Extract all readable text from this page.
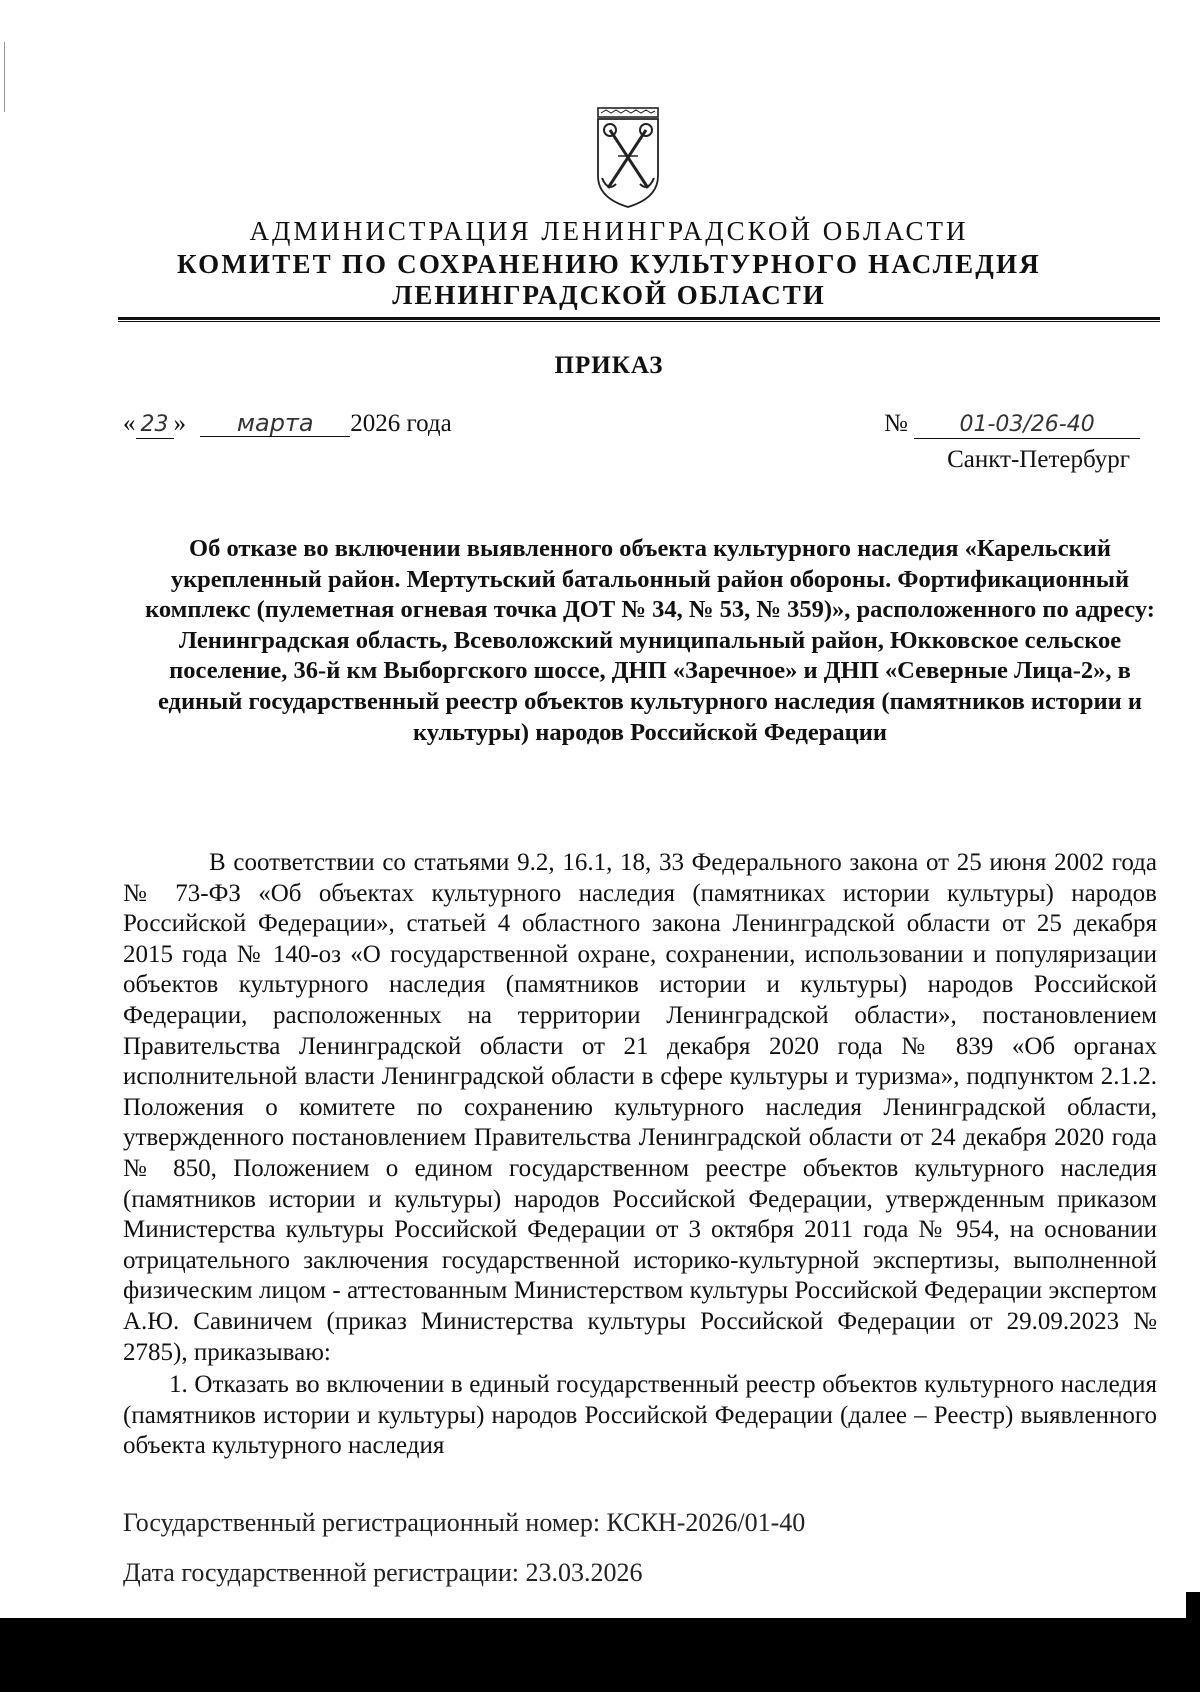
АДМИНИСТРАЦИЯ ЛЕНИНГРАДСКОЙ ОБЛАСТИ
КОМИТЕТ ПО СОХРАНЕНИЮ КУЛЬТУРНОГО НАСЛЕДИЯ
ЛЕНИНГРАДСКОЙ ОБЛАСТИ
ПРИКАЗ
« 23 » марта 2026 года	№ 01-03/26-40
Санкт-Петербург
Об отказе во включении выявленного объекта культурного наследия «Карельский укрепленный район. Мертутьский батальонный район обороны. Фортификационный комплекс (пулеметная огневая точка ДОТ № 34, № 53, № 359)», расположенного по адресу: Ленинградская область, Всеволожский муниципальный район, Юкковское сельское поселение, 36-й км Выборгского шоссе, ДНП «Заречное» и ДНП «Северные Лица-2», в единый государственный реестр объектов культурного наследия (памятников истории и культуры) народов Российской Федерации

В соответствии со статьями 9.2, 16.1, 18, 33 Федерального закона от 25 июня 2002 года № 73-ФЗ «Об объектах культурного наследия (памятниках истории культуры) народов Российской Федерации», статьей 4 областного закона Ленинградской области от 25 декабря 2015 года № 140-оз «О государственной охране, сохранении, использовании и популяризации объектов культурного наследия (памятников истории и культуры) народов Российской Федерации, расположенных на территории Ленинградской области», постановлением Правительства Ленинградской области от 21 декабря 2020 года № 839 «Об органах исполнительной власти Ленинградской области в сфере культуры и туризма», подпунктом 2.1.2. Положения о комитете по сохранению культурного наследия Ленинградской области, утвержденного постановлением Правительства Ленинградской области от 24 декабря 2020 года № 850, Положением о едином государственном реестре объектов культурного наследия (памятников истории и культуры) народов Российской Федерации, утвержденным приказом Министерства культуры Российской Федерации от 3 октября 2011 года № 954, на основании отрицательного заключения государственной историко-культурной экспертизы, выполненной физическим лицом - аттестованным Министерством культуры Российской Федерации экспертом А.Ю. Савиничем (приказ Министерства культуры Российской Федерации от 29.09.2023 № 2785), приказываю:

1. Отказать во включении в единый государственный реестр объектов культурного наследия (памятников истории и культуры) народов Российской Федерации (далее – Реестр) выявленного объекта культурного наследия

Государственный регистрационный номер: КСКН-2026/01-40
Дата государственной регистрации: 23.03.2026
